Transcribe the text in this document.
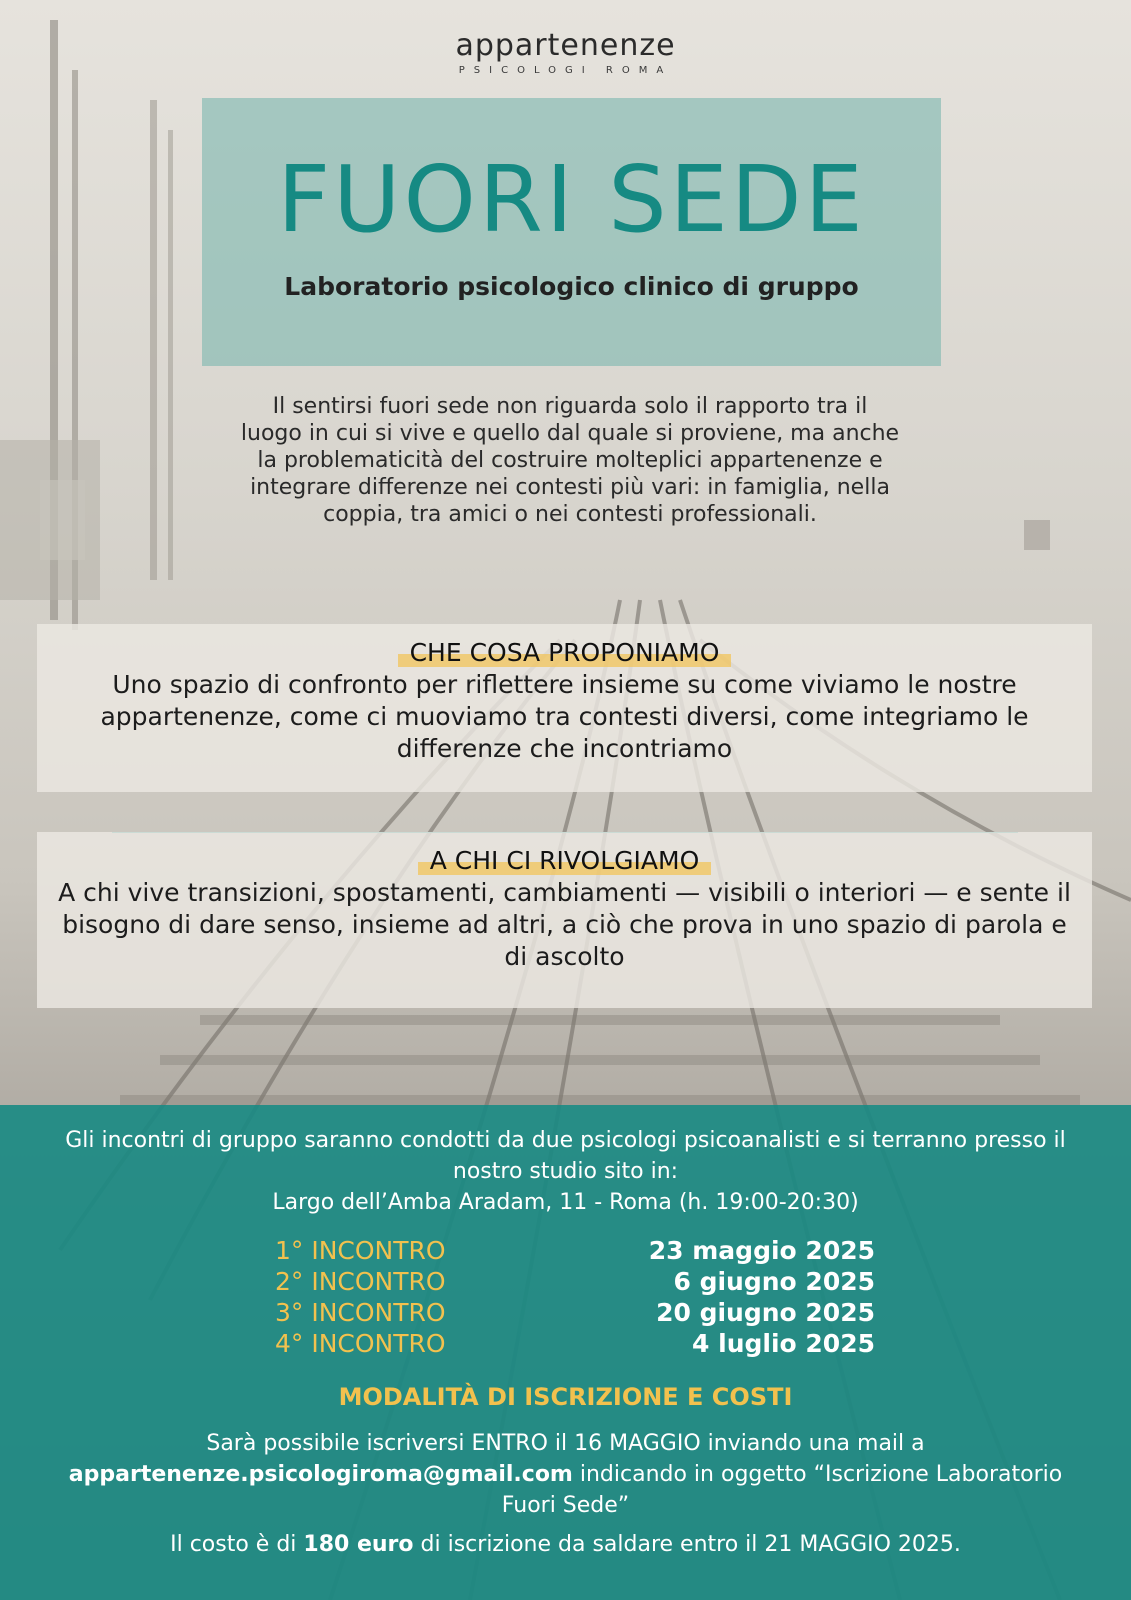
appartenenze
PSICOLOGI ROMA
FUORI SEDE
Laboratorio psicologico clinico di gruppo
Il sentirsi fuori sede non riguarda solo il rapporto tra il luogo in cui si vive e quello dal quale si proviene, ma anche la problematicità del costruire molteplici appartenenze e integrare differenze nei contesti più vari: in famiglia, nella coppia, tra amici o nei contesti professionali.
CHE COSA PROPONIAMO
Uno spazio di confronto per riflettere insieme su come viviamo le nostre appartenenze, come ci muoviamo tra contesti diversi, come integriamo le differenze che incontriamo
A CHI CI RIVOLGIAMO
A chi vive transizioni, spostamenti, cambiamenti — visibili o interiori — e sente il bisogno di dare senso, insieme ad altri, a ciò che prova in uno spazio di parola e di ascolto
Gli incontri di gruppo saranno condotti da due psicologi psicoanalisti e si terranno presso il nostro studio sito in:
Largo dell’Amba Aradam, 11 - Roma (h. 19:00-20:30)
1° INCONTRO	23 maggio 2025
2° INCONTRO	6 giugno 2025
3° INCONTRO	20 giugno 2025
4° INCONTRO	4 luglio 2025
MODALITÀ DI ISCRIZIONE E COSTI
Sarà possibile iscriversi ENTRO il 16 MAGGIO inviando una mail a
appartenenze.psicologiroma@gmail.com indicando in oggetto “Iscrizione Laboratorio Fuori Sede”
Il costo è di 180 euro di iscrizione da saldare entro il 21 MAGGIO 2025.
